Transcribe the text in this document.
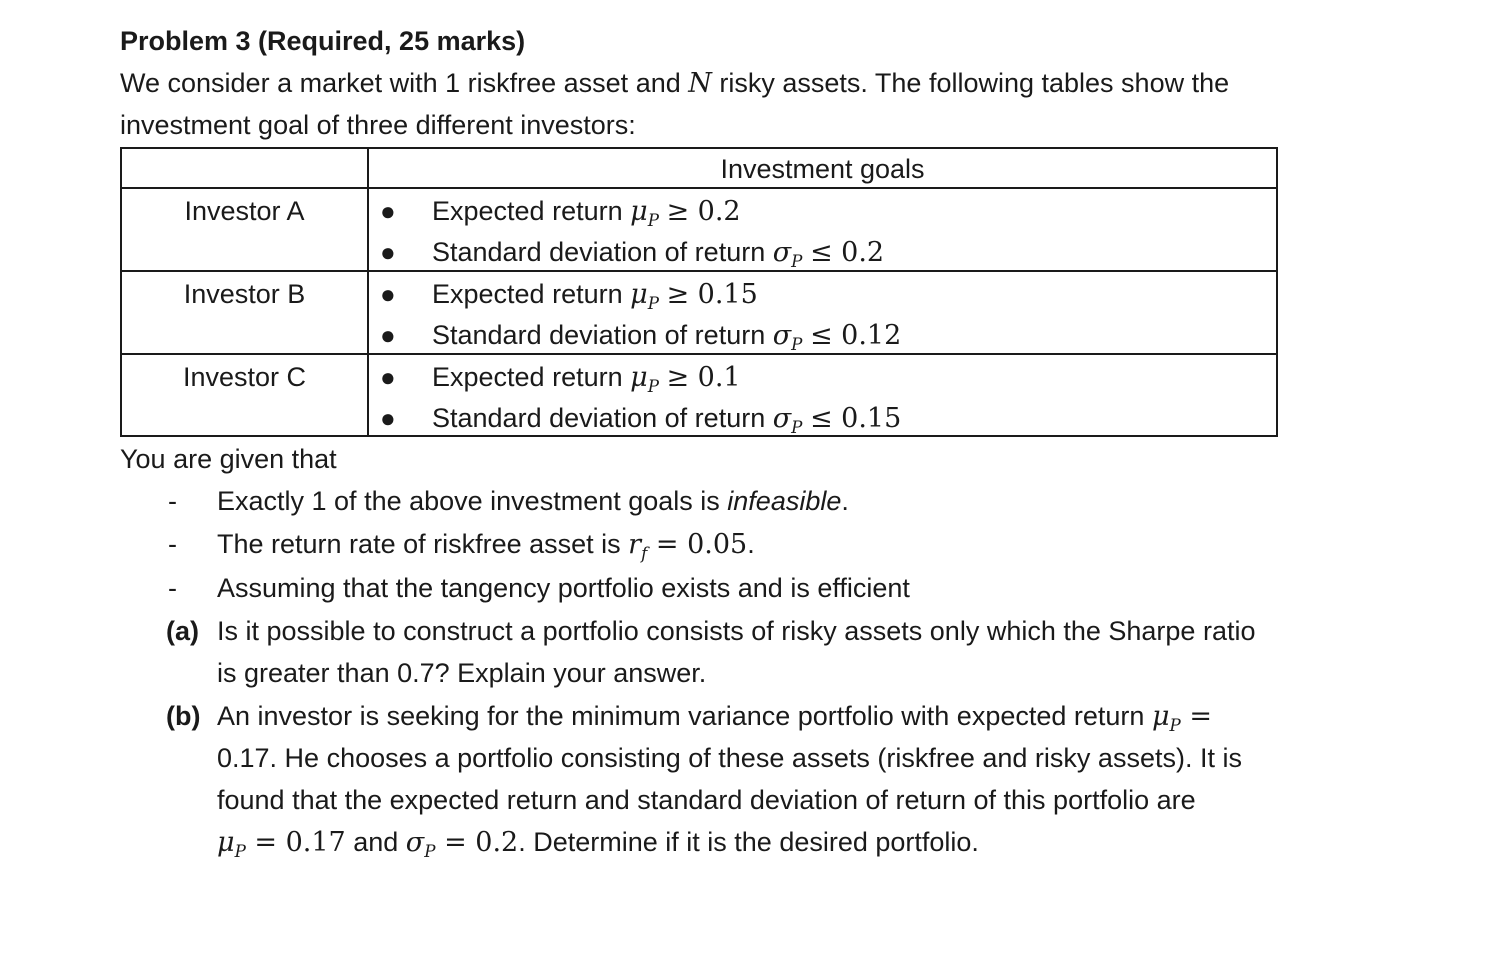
Problem 3 (Required, 25 marks)
We consider a market with 1 riskfree asset and N risky assets. The following tables show the
investment goal of three different investors:
Investment goals
Investor A	● Expected return $\mu_P \ge 0.2$
● Standard deviation of return $\sigma_P \le 0.2$
Investor B	● Expected return $\mu_P \ge 0.15$
● Standard deviation of return $\sigma_P \le 0.12$
Investor C	● Expected return $\mu_P \ge 0.1$
● Standard deviation of return $\sigma_P \le 0.15$
You are given that
- Exactly 1 of the above investment goals is infeasible.
- The return rate of riskfree asset is $r_f = 0.05$.
- Assuming that the tangency portfolio exists and is efficient
(a) Is it possible to construct a portfolio consists of risky assets only which the Sharpe ratio
is greater than 0.7? Explain your answer.
(b) An investor is seeking for the minimum variance portfolio with expected return $\mu_P$ =
0.17. He chooses a portfolio consisting of these assets (riskfree and risky assets). It is
found that the expected return and standard deviation of return of this portfolio are
$\mu_P = 0.17$ and $\sigma_P = 0.2$. Determine if it is the desired portfolio.
